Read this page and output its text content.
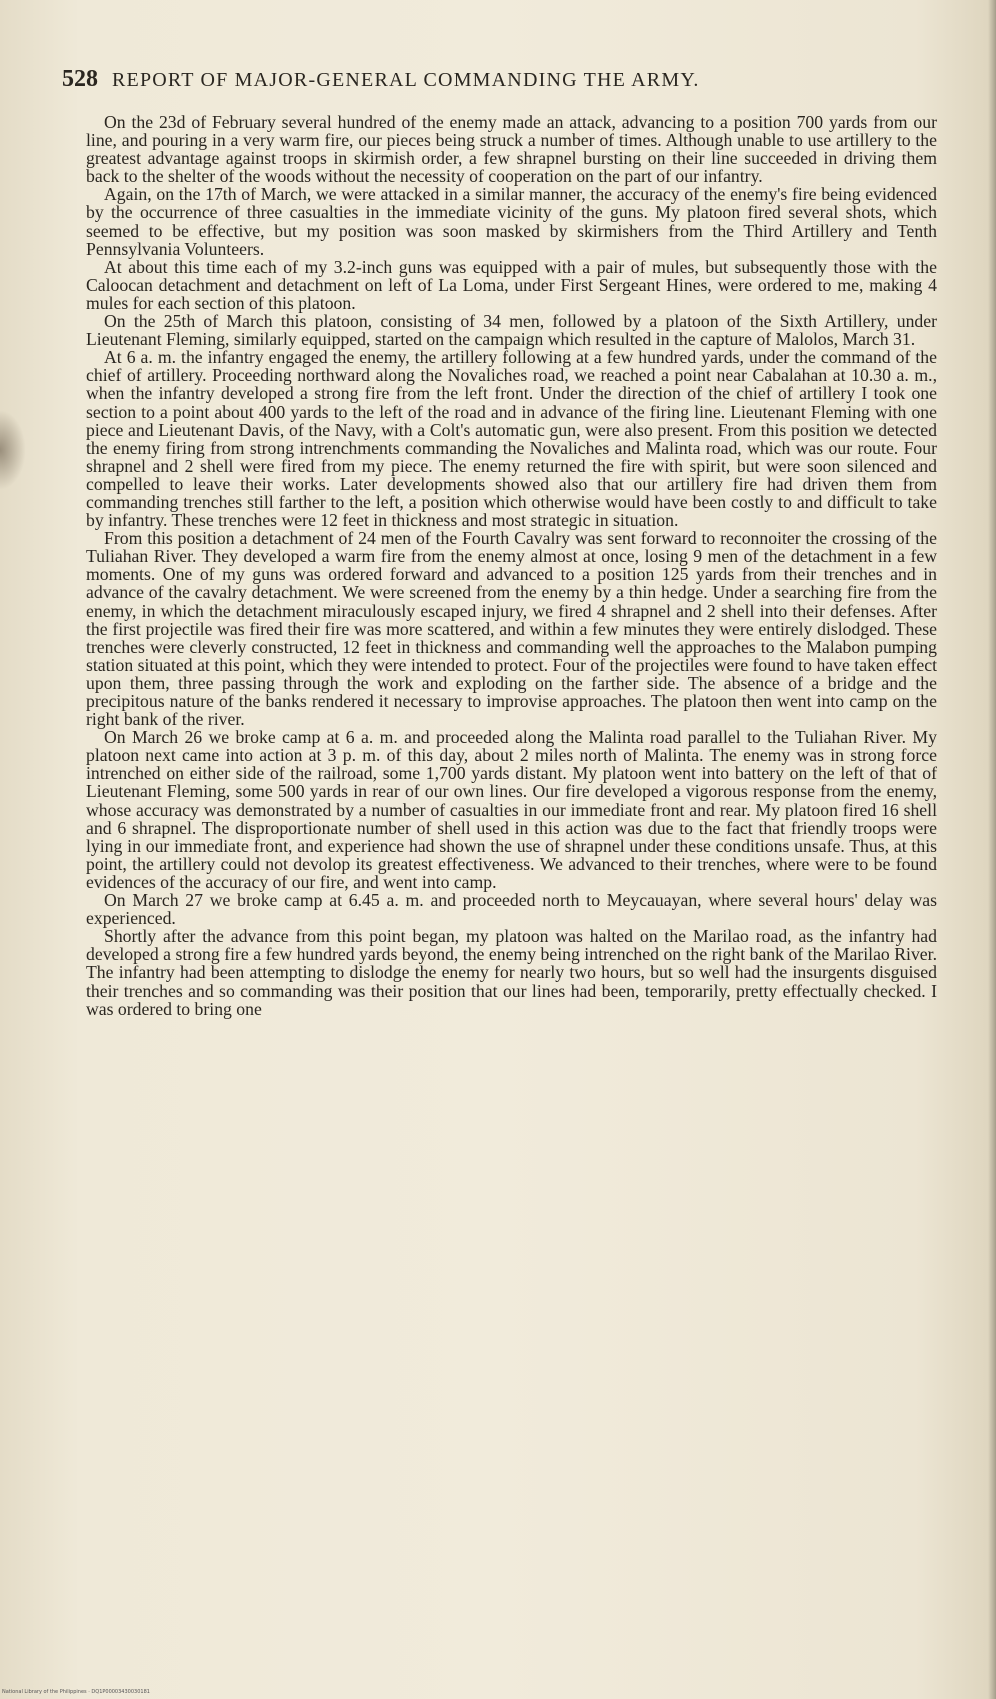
528 REPORT OF MAJOR-GENERAL COMMANDING THE ARMY.

On the 23d of February several hundred of the enemy made an attack, advancing to a position 700 yards from our line, and pouring in a very warm fire, our pieces being struck a number of times. Although unable to use artillery to the greatest advantage against troops in skirmish order, a few shrapnel bursting on their line succeeded in driving them back to the shelter of the woods without the necessity of cooperation on the part of our infantry.

Again, on the 17th of March, we were attacked in a similar manner, the accuracy of the enemy's fire being evidenced by the occurrence of three casualties in the immediate vicinity of the guns. My platoon fired several shots, which seemed to be effective, but my position was soon masked by skirmishers from the Third Artillery and Tenth Pennsylvania Volunteers.

At about this time each of my 3.2-inch guns was equipped with a pair of mules, but subsequently those with the Caloocan detachment and detachment on left of La Loma, under First Sergeant Hines, were ordered to me, making 4 mules for each section of this platoon.

On the 25th of March this platoon, consisting of 34 men, followed by a platoon of the Sixth Artillery, under Lieutenant Fleming, similarly equipped, started on the campaign which resulted in the capture of Malolos, March 31.

At 6 a. m. the infantry engaged the enemy, the artillery following at a few hundred yards, under the command of the chief of artillery. Proceeding northward along the Novaliches road, we reached a point near Cabalahan at 10.30 a. m., when the infantry developed a strong fire from the left front. Under the direction of the chief of artillery I took one section to a point about 400 yards to the left of the road and in advance of the firing line. Lieutenant Fleming with one piece and Lieutenant Davis, of the Navy, with a Colt's automatic gun, were also present. From this position we detected the enemy firing from strong intrenchments commanding the Novaliches and Malinta road, which was our route. Four shrapnel and 2 shell were fired from my piece. The enemy returned the fire with spirit, but were soon silenced and compelled to leave their works. Later developments showed also that our artillery fire had driven them from commanding trenches still farther to the left, a position which otherwise would have been costly to and difficult to take by infantry. These trenches were 12 feet in thickness and most strategic in situation.

From this position a detachment of 24 men of the Fourth Cavalry was sent forward to reconnoiter the crossing of the Tuliahan River. They developed a warm fire from the enemy almost at once, losing 9 men of the detachment in a few moments. One of my guns was ordered forward and advanced to a position 125 yards from their trenches and in advance of the cavalry detachment. We were screened from the enemy by a thin hedge. Under a searching fire from the enemy, in which the detachment miraculously escaped injury, we fired 4 shrapnel and 2 shell into their defenses. After the first projectile was fired their fire was more scattered, and within a few minutes they were entirely dislodged. These trenches were cleverly constructed, 12 feet in thickness and commanding well the approaches to the Malabon pumping station situated at this point, which they were intended to protect. Four of the projectiles were found to have taken effect upon them, three passing through the work and exploding on the farther side. The absence of a bridge and the precipitous nature of the banks rendered it necessary to improvise approaches. The platoon then went into camp on the right bank of the river.

On March 26 we broke camp at 6 a. m. and proceeded along the Malinta road parallel to the Tuliahan River. My platoon next came into action at 3 p. m. of this day, about 2 miles north of Malinta. The enemy was in strong force intrenched on either side of the railroad, some 1,700 yards distant. My platoon went into battery on the left of that of Lieutenant Fleming, some 500 yards in rear of our own lines. Our fire developed a vigorous response from the enemy, whose accuracy was demonstrated by a number of casualties in our immediate front and rear. My platoon fired 16 shell and 6 shrapnel. The disproportionate number of shell used in this action was due to the fact that friendly troops were lying in our immediate front, and experience had shown the use of shrapnel under these conditions unsafe. Thus, at this point, the artillery could not devolop its greatest effectiveness. We advanced to their trenches, where were to be found evidences of the accuracy of our fire, and went into camp.

On March 27 we broke camp at 6.45 a. m. and proceeded north to Meycauayan, where several hours' delay was experienced.

Shortly after the advance from this point began, my platoon was halted on the Marilao road, as the infantry had developed a strong fire a few hundred yards beyond, the enemy being intrenched on the right bank of the Marilao River. The infantry had been attempting to dislodge the enemy for nearly two hours, but so well had the insurgents disguised their trenches and so commanding was their position that our lines had been, temporarily, pretty effectually checked. I was ordered to bring one

National Library of the Philippines · DQ1P00003430030181
